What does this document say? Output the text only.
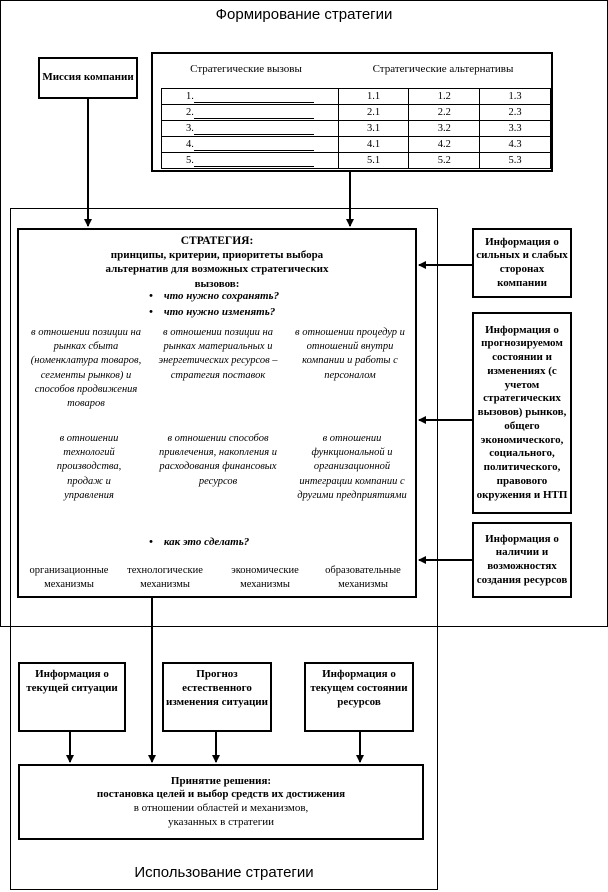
Формирование стратегии
Использование стратегии
Миссия компании
Стратегические вызовы	Стратегические альтернативы
1.	1.1	1.2	1.3
2.	2.1	2.2	2.3
3.	3.1	3.2	3.3
4.	4.1	4.2	4.3
5.	5.1	5.2	5.3
СТРАТЕГИЯ:
принципы, критерии, приоритеты выбора альтернатив для возможных стратегических вызовов:
•    что нужно сохранять?
•    что нужно изменять?
в отношении позиции на рынках сбыта (номенклатура товаров, сегменты рынков) и способов продвижения товаров
в отношении позиции на рынках материальных и энергетических ресурсов – стратегия поставок
в отношении процедур и отношений внутри компании и работы с персоналом
в отношении технологий производства, продаж и управления
в отношении способов привлечения, накопления и расходования финансовых ресурсов
в отношении функциональной и организационной интеграции компании с другими предприятиями
•    как это сделать?
организационные механизмы
технологические механизмы
экономические механизмы
образовательные механизмы
Информация о сильных и слабых сторонах компании
Информация о прогнозируемом состоянии и изменениях (с учетом стратегических вызовов) рынков, общего экономического, социального, политического, правового окружения и НТП
Информация о наличии и возможностях создания ресурсов
Информация о текущей ситуации
Прогноз естественного изменения ситуации
Информация о текущем состоянии ресурсов
Принятие решения:
постановка целей и выбор средств их достижения
в отношении областей и механизмов,
указанных в стратегии
